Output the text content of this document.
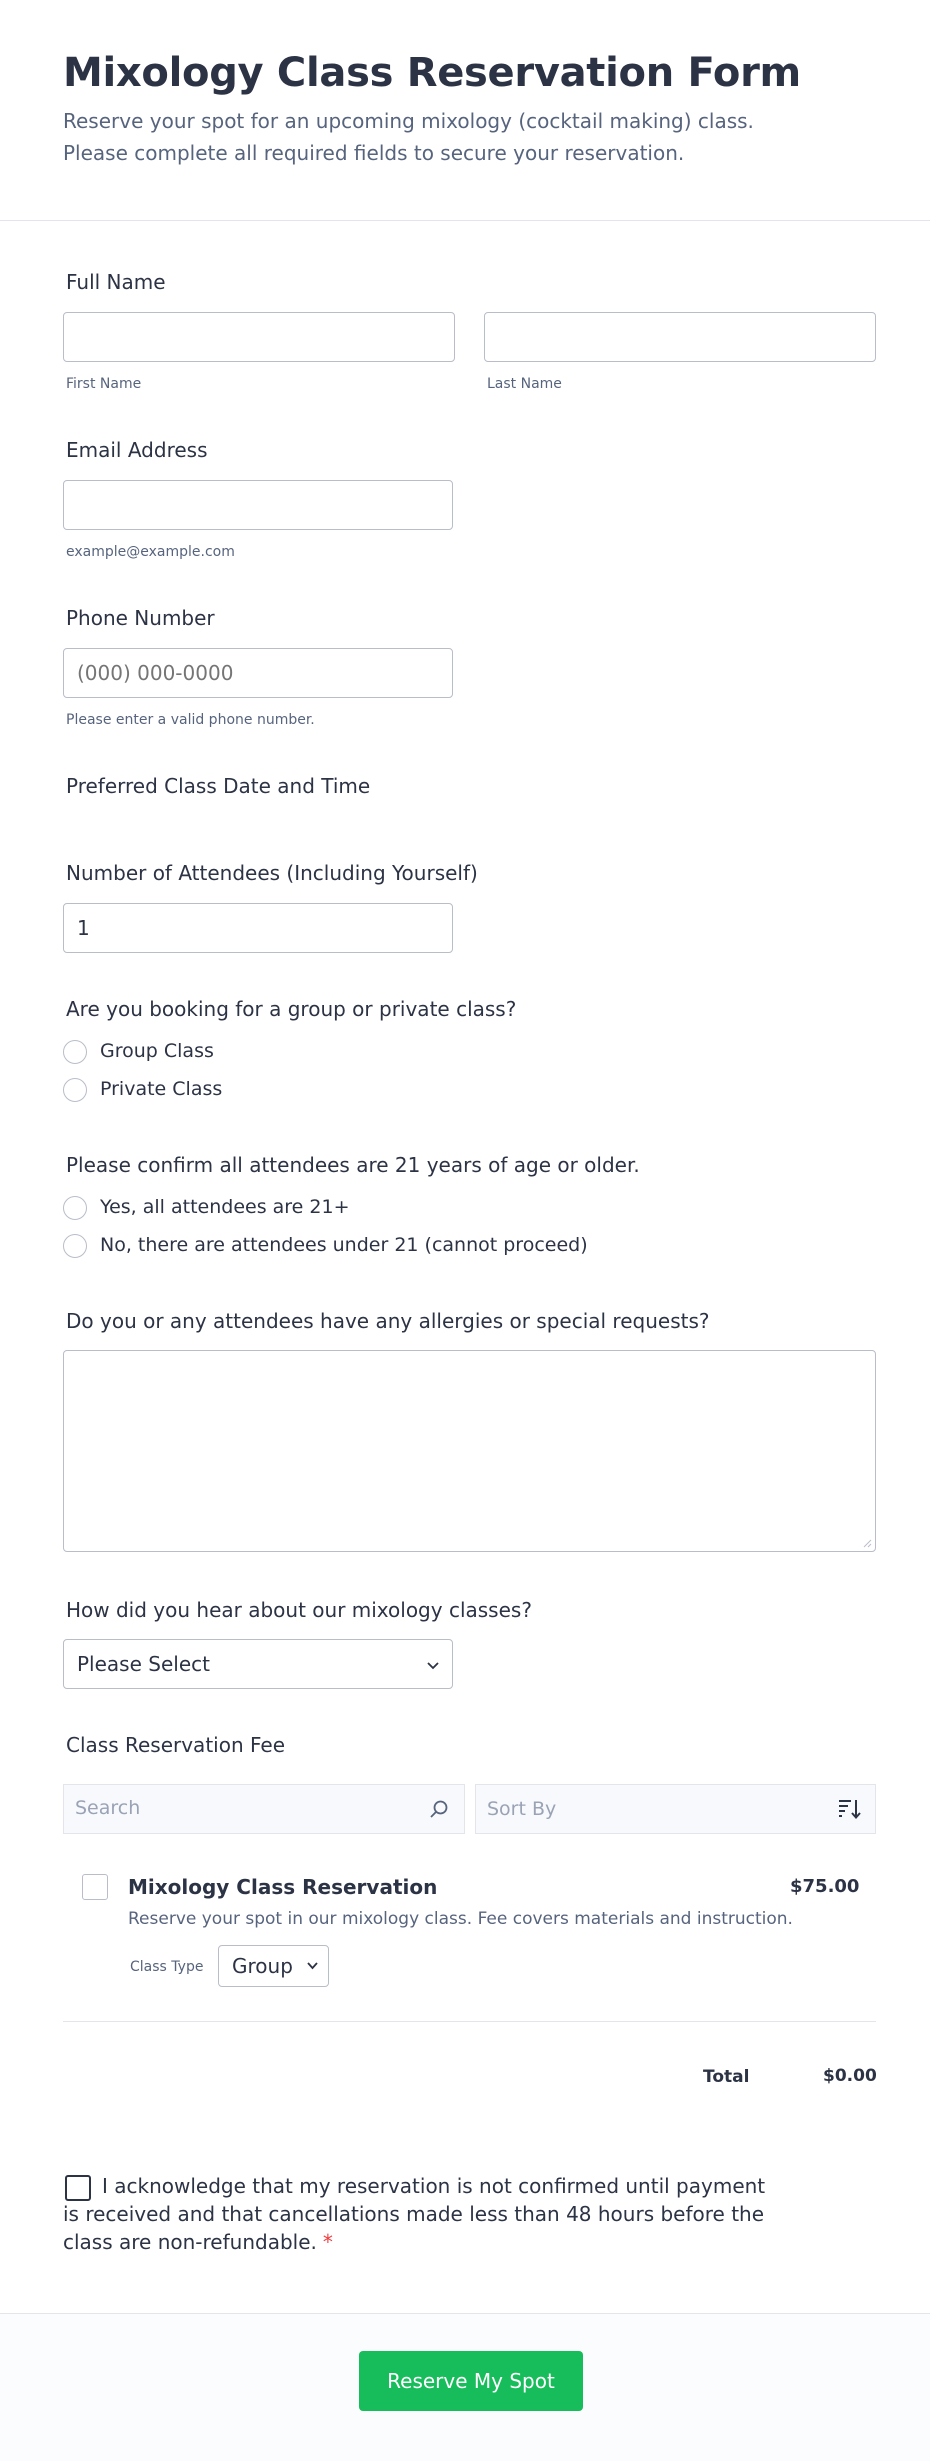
Mixology Class Reservation Form
Reserve your spot for an upcoming mixology (cocktail making) class. Please complete all required fields to secure your reservation.
Full Name
First Name	Last Name
Email Address
example@example.com
Phone Number
(000) 000-0000
Please enter a valid phone number.
Preferred Class Date and Time
Number of Attendees (Including Yourself)
1
Are you booking for a group or private class?
Group Class
Private Class
Please confirm all attendees are 21 years of age or older.
Yes, all attendees are 21+
No, there are attendees under 21 (cannot proceed)
Do you or any attendees have any allergies or special requests?
How did you hear about our mixology classes?
Please Select
Class Reservation Fee
Search	Sort By
Mixology Class Reservation	$75.00
Reserve your spot in our mixology class. Fee covers materials and instruction.
Class Type Group
Total	$0.00
I acknowledge that my reservation is not confirmed until payment is received and that cancellations made less than 48 hours before the class are non-refundable. *
Reserve My Spot
